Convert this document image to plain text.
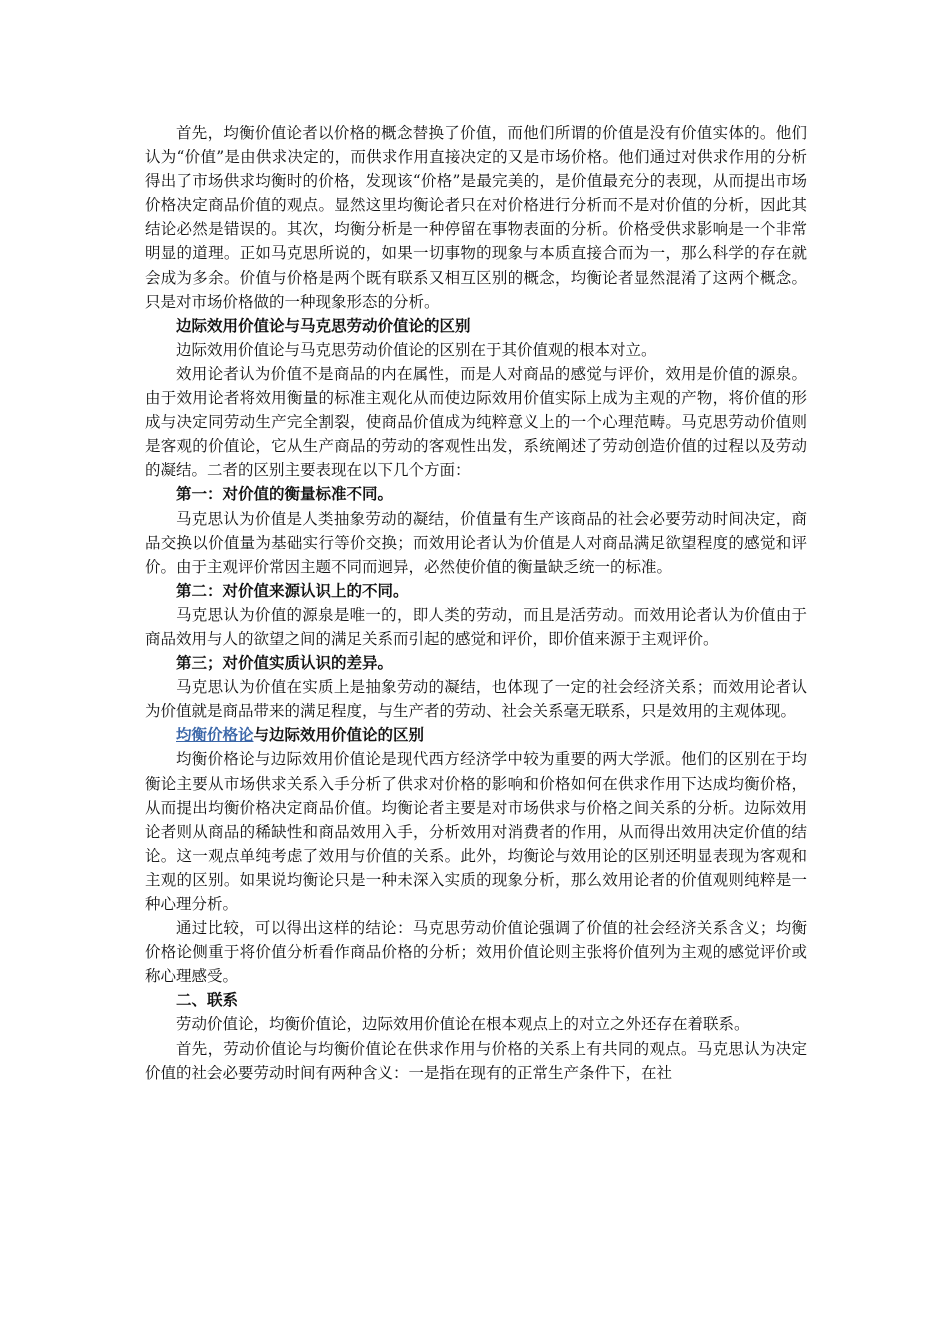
首先，均衡价值论者以价格的概念替换了价值，而他们所谓的价值是没有价值实体的。他们认为“价值”是由供求决定的，而供求作用直接决定的又是市场价格。他们通过对供求作用的分析得出了市场供求均衡时的价格，发现该“价格”是最完美的，是价值最充分的表现，从而提出市场价格决定商品价值的观点。显然这里均衡论者只在对价格进行分析而不是对价值的分析，因此其结论必然是错误的。其次，均衡分析是一种停留在事物表面的分析。价格受供求影响是一个非常明显的道理。正如马克思所说的，如果一切事物的现象与本质直接合而为一，那么科学的存在就会成为多余。价值与价格是两个既有联系又相互区别的概念，均衡论者显然混淆了这两个概念。只是对市场价格做的一种现象形态的分析。

边际效用价值论与马克思劳动价值论的区别

边际效用价值论与马克思劳动价值论的区别在于其价值观的根本对立。

效用论者认为价值不是商品的内在属性，而是人对商品的感觉与评价，效用是价值的源泉。由于效用论者将效用衡量的标准主观化从而使边际效用价值实际上成为主观的产物，将价值的形成与决定同劳动生产完全割裂，使商品价值成为纯粹意义上的一个心理范畴。马克思劳动价值则是客观的价值论，它从生产商品的劳动的客观性出发，系统阐述了劳动创造价值的过程以及劳动的凝结。二者的区别主要表现在以下几个方面：

第一：对价值的衡量标准不同。

马克思认为价值是人类抽象劳动的凝结，价值量有生产该商品的社会必要劳动时间决定，商品交换以价值量为基础实行等价交换；而效用论者认为价值是人对商品满足欲望程度的感觉和评价。由于主观评价常因主题不同而迥异，必然使价值的衡量缺乏统一的标准。

第二：对价值来源认识上的不同。

马克思认为价值的源泉是唯一的，即人类的劳动，而且是活劳动。而效用论者认为价值由于商品效用与人的欲望之间的满足关系而引起的感觉和评价，即价值来源于主观评价。

第三；对价值实质认识的差异。

马克思认为价值在实质上是抽象劳动的凝结，也体现了一定的社会经济关系；而效用论者认为价值就是商品带来的满足程度，与生产者的劳动、社会关系毫无联系，只是效用的主观体现。

均衡价格论与边际效用价值论的区别

均衡价格论与边际效用价值论是现代西方经济学中较为重要的两大学派。他们的区别在于均衡论主要从市场供求关系入手分析了供求对价格的影响和价格如何在供求作用下达成均衡价格，从而提出均衡价格决定商品价值。均衡论者主要是对市场供求与价格之间关系的分析。边际效用论者则从商品的稀缺性和商品效用入手，分析效用对消费者的作用，从而得出效用决定价值的结论。这一观点单纯考虑了效用与价值的关系。此外，均衡论与效用论的区别还明显表现为客观和主观的区别。如果说均衡论只是一种未深入实质的现象分析，那么效用论者的价值观则纯粹是一种心理分析。

通过比较，可以得出这样的结论：马克思劳动价值论强调了价值的社会经济关系含义；均衡价格论侧重于将价值分析看作商品价格的分析；效用价值论则主张将价值列为主观的感觉评价或称心理感受。

二、联系

劳动价值论，均衡价值论，边际效用价值论在根本观点上的对立之外还存在着联系。

首先，劳动价值论与均衡价值论在供求作用与价格的关系上有共同的观点。马克思认为决定价值的社会必要劳动时间有两种含义：一是指在现有的正常生产条件下，在社
